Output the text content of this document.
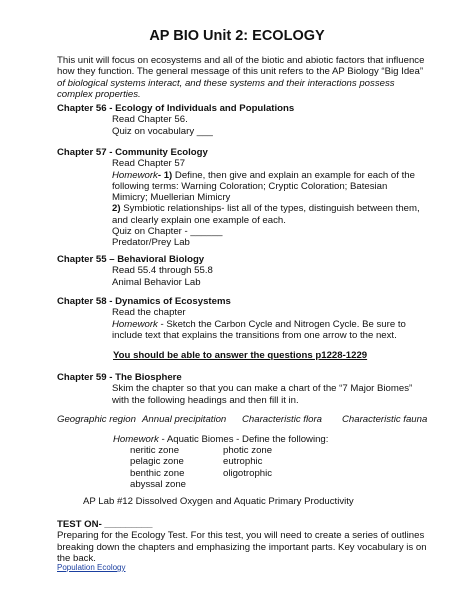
AP BIO Unit 2: ECOLOGY
This unit will focus on ecosystems and all of the biotic and abiotic factors that influence
how they function. The general message of this unit refers to the AP Biology “Big Idea”
of biological systems interact, and these systems and their interactions possess
complex properties.
Chapter 56 - Ecology of Individuals and Populations
Read Chapter 56.
Quiz on vocabulary ___
Chapter 57 - Community Ecology
Read Chapter 57
Homework- 1) Define, then give and explain an example for each of the
following terms: Warning Coloration; Cryptic Coloration; Batesian
Mimicry; Muellerian Mimicry
2) Symbiotic relationships- list all of the types, distinguish between them,
and clearly explain one example of each.
Quiz on Chapter - ______
Predator/Prey Lab
Chapter 55 – Behavioral Biology
Read 55.4 through 55.8
Animal Behavior Lab
Chapter 58 - Dynamics of Ecosystems
Read the chapter
Homework - Sketch the Carbon Cycle and Nitrogen Cycle. Be sure to
include text that explains the transitions from one arrow to the next.
You should be able to answer the questions p1228-1229
Chapter 59 - The Biosphere
Skim the chapter so that you can make a chart of the “7 Major Biomes”
with the following headings and then fill it in.
Geographic region Annual precipitation Characteristic flora Characteristic fauna
Homework - Aquatic Biomes - Define the following:
neritic zone
pelagic zone
benthic zone
abyssal zone
photic zone
eutrophic
oligotrophic
AP Lab #12 Dissolved Oxygen and Aquatic Primary Productivity
TEST ON- _________
Preparing for the Ecology Test. For this test, you will need to create a series of outlines
breaking down the chapters and emphasizing the important parts. Key vocabulary is on
the back.
Population Ecology
